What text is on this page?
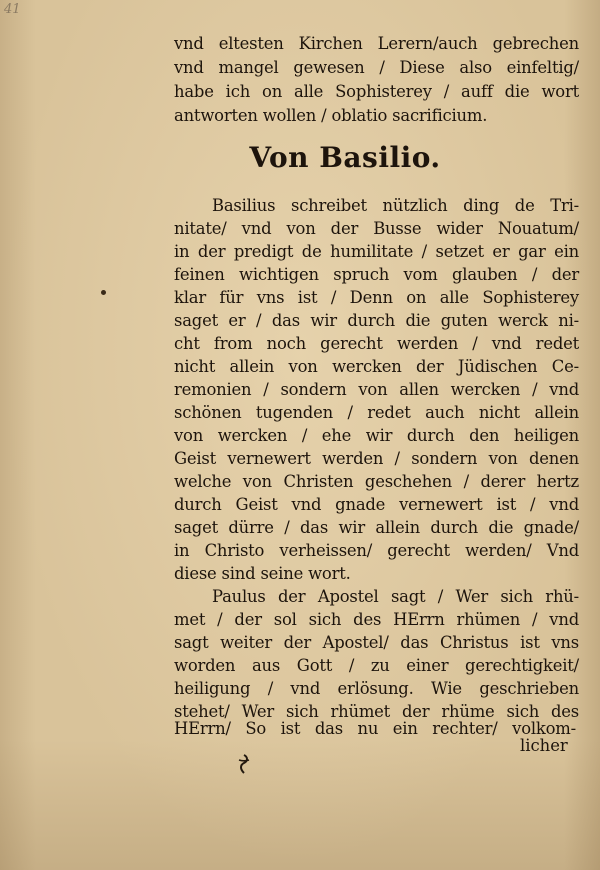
41
vnd eltesten Kirchen Lerern/auch gebrechen
vnd mangel gewesen / Diese also einfeltig/
habe ich on alle Sophisterey / auff die wort
antworten wollen / oblatio sacrificium.
Von Basilio.
Basilius schreibet nützlich ding de Tri-
nitate/ vnd von der Busse wider Nouatum/
in der predigt de humilitate / setzet er gar ein
feinen wichtigen spruch vom glauben / der
klar für vns ist / Denn on alle Sophisterey
saget er / das wir durch die guten werck ni-
cht from noch gerecht werden / vnd redet
nicht allein von wercken der Jüdischen Ce-
remonien / sondern von allen wercken / vnd
schönen tugenden / redet auch nicht allein
von wercken / ehe wir durch den heiligen
Geist vernewert werden / sondern von denen
welche von Christen geschehen / derer hertz
durch Geist vnd gnade vernewert ist / vnd
saget dürre / das wir allein durch die gnade/
in Christo verheissen/ gerecht werden/ Vnd
diese sind seine wort.
Paulus der Apostel sagt / Wer sich rhü-
met / der sol sich des HErrn rhümen / vnd
sagt weiter der Apostel/ das Christus ist vns
worden aus Gott / zu einer gerechtigkeit/
heiligung / vnd erlösung. Wie geschrieben
stehet/ Wer sich rhümet der rhüme sich des
HErrn/ So ist das nu ein rechter/ volkom-
licher
